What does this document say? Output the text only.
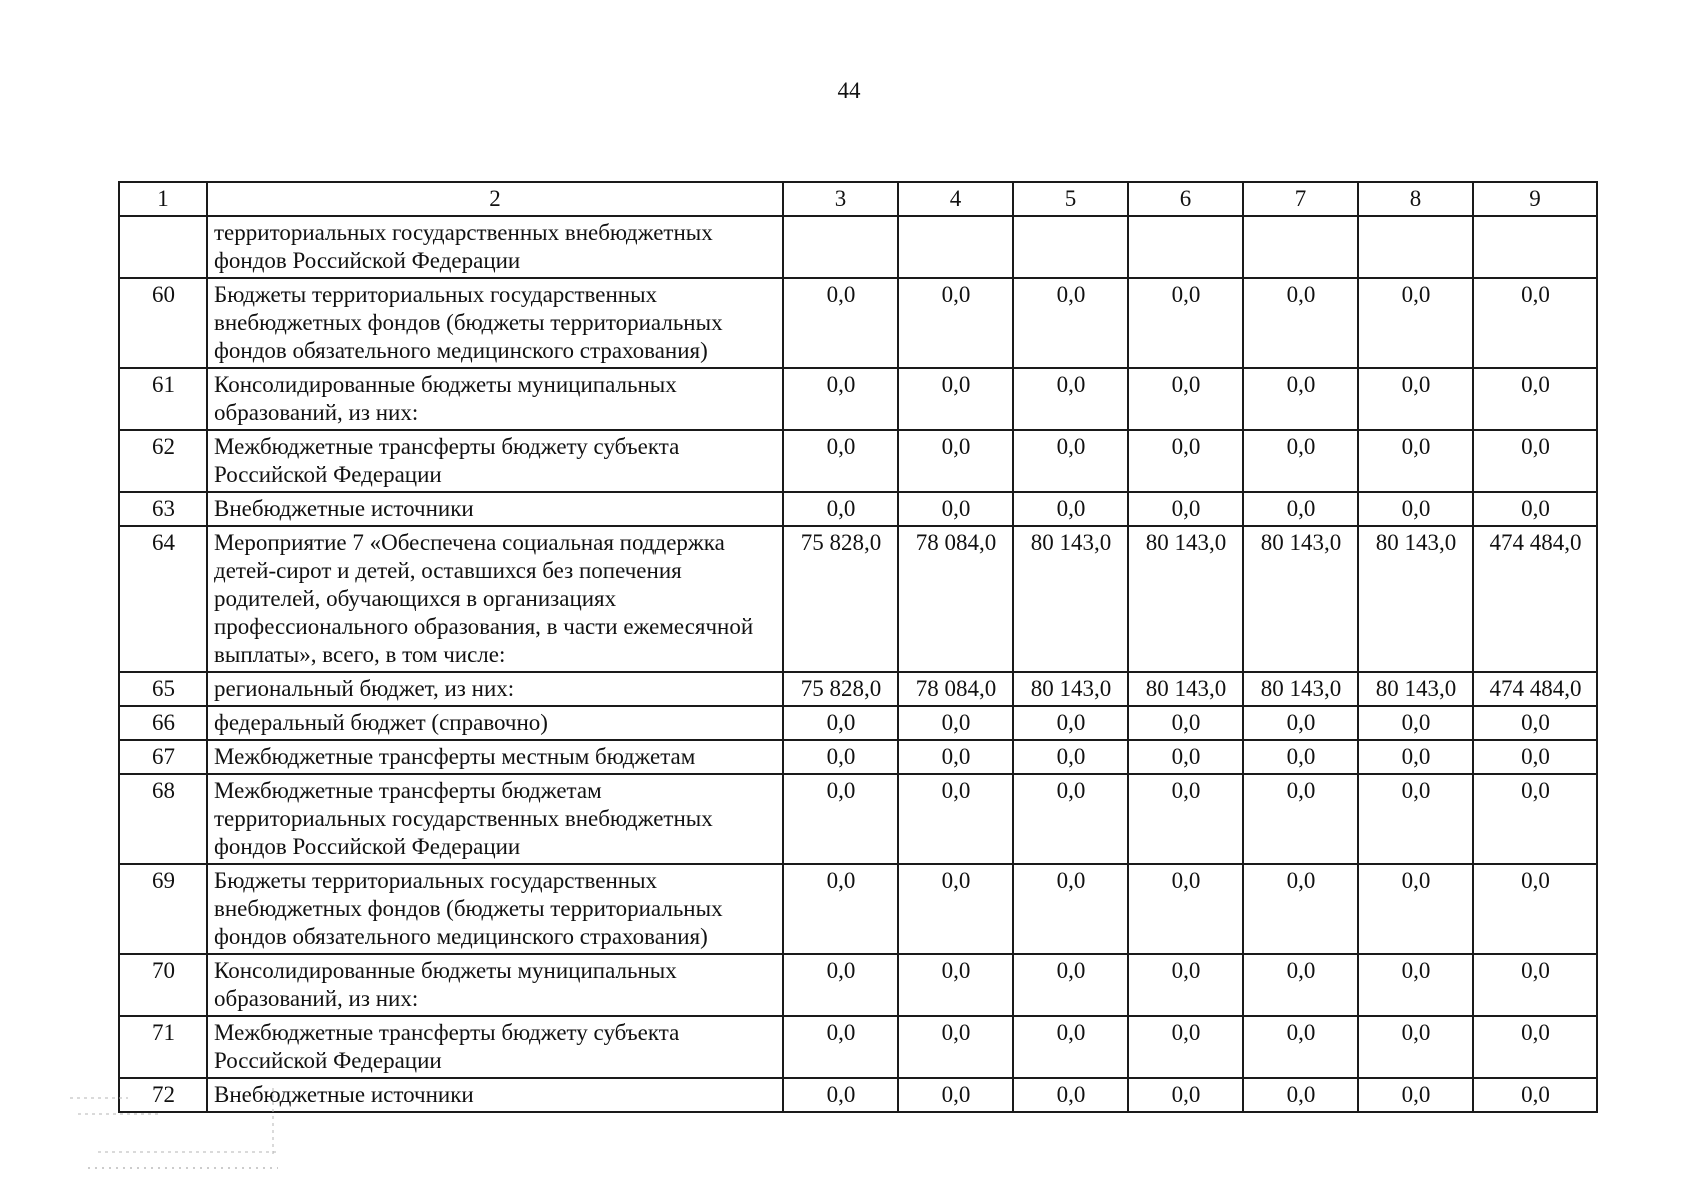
44
1	2	3	4	5	6	7	8	9
	территориальных государственных внебюджетных фондов Российской Федерации							
60	Бюджеты территориальных государственных внебюджетных фондов (бюджеты территориальных фондов обязательного медицинского страхования)	0,0	0,0	0,0	0,0	0,0	0,0	0,0
61	Консолидированные бюджеты муниципальных образований, из них:	0,0	0,0	0,0	0,0	0,0	0,0	0,0
62	Межбюджетные трансферты бюджету субъекта Российской Федерации	0,0	0,0	0,0	0,0	0,0	0,0	0,0
63	Внебюджетные источники	0,0	0,0	0,0	0,0	0,0	0,0	0,0
64	Мероприятие 7 «Обеспечена социальная поддержка детей-сирот и детей, оставшихся без попечения родителей, обучающихся в организациях профессионального образования, в части ежемесячной выплаты», всего, в том числе:	75 828,0	78 084,0	80 143,0	80 143,0	80 143,0	80 143,0	474 484,0
65	региональный бюджет, из них:	75 828,0	78 084,0	80 143,0	80 143,0	80 143,0	80 143,0	474 484,0
66	федеральный бюджет (справочно)	0,0	0,0	0,0	0,0	0,0	0,0	0,0
67	Межбюджетные трансферты местным бюджетам	0,0	0,0	0,0	0,0	0,0	0,0	0,0
68	Межбюджетные трансферты бюджетам территориальных государственных внебюджетных фондов Российской Федерации	0,0	0,0	0,0	0,0	0,0	0,0	0,0
69	Бюджеты территориальных государственных внебюджетных фондов (бюджеты территориальных фондов обязательного медицинского страхования)	0,0	0,0	0,0	0,0	0,0	0,0	0,0
70	Консолидированные бюджеты муниципальных образований, из них:	0,0	0,0	0,0	0,0	0,0	0,0	0,0
71	Межбюджетные трансферты бюджету субъекта Российской Федерации	0,0	0,0	0,0	0,0	0,0	0,0	0,0
72	Внебюджетные источники	0,0	0,0	0,0	0,0	0,0	0,0	0,0
